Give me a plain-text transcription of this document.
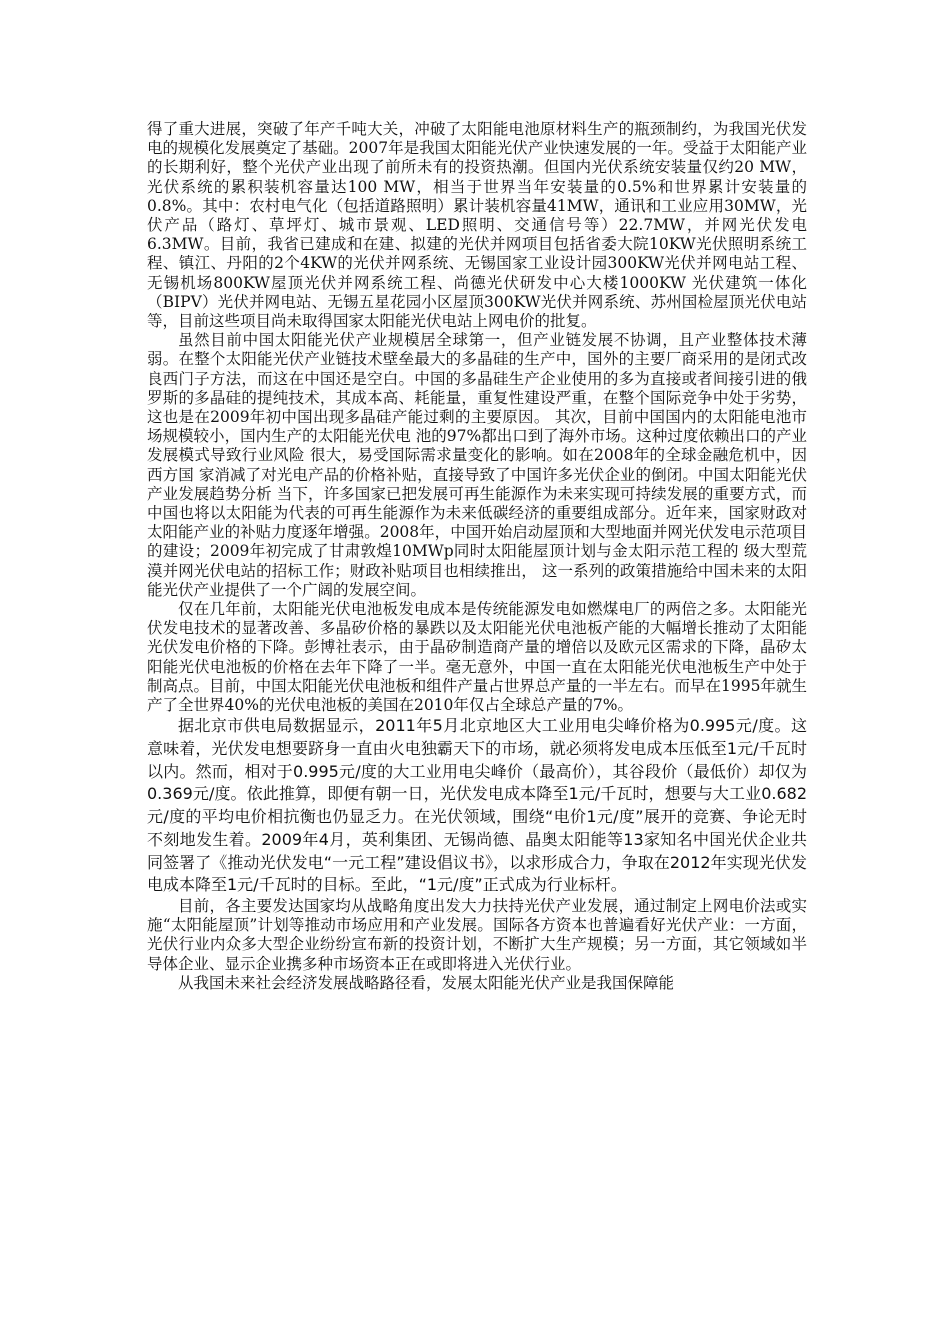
得了重大进展，突破了年产千吨大关，冲破了太阳能电池原材料生产的瓶颈制约，为我国光伏发电的规模化发展奠定了基础。2007年是我国太阳能光伏产业快速发展的一年。受益于太阳能产业的长期利好，整个光伏产业出现了前所未有的投资热潮。但国内光伏系统安装量仅约20 MW，光伏系统的累积装机容量达100 MW，相当于世界当年安装量的0.5%和世界累计安装量的0.8%。其中：农村电气化（包括道路照明）累计装机容量41MW，通讯和工业应用30MW，光伏产品（路灯、草坪灯、城市景观、LED照明、交通信号等）22.7MW，并网光伏发电6.3MW。目前，我省已建成和在建、拟建的光伏并网项目包括省委大院10KW光伏照明系统工程、镇江、丹阳的2个4KW的光伏并网系统、无锡国家工业设计园300KW光伏并网电站工程、无锡机场800KW屋顶光伏并网系统工程、尚德光伏研发中心大楼1000KW 光伏建筑一体化（BIPV）光伏并网电站、无锡五星花园小区屋顶300KW光伏并网系统、苏州国检屋顶光伏电站等，目前这些项目尚未取得国家太阳能光伏电站上网电价的批复。

虽然目前中国太阳能光伏产业规模居全球第一，但产业链发展不协调，且产业整体技术薄弱。在整个太阳能光伏产业链技术壁垒最大的多晶硅的生产中，国外的主要厂商采用的是闭式改良西门子方法，而这在中国还是空白。中国的多晶硅生产企业使用的多为直接或者间接引进的俄罗斯的多晶硅的提纯技术，其成本高、耗能量，重复性建设严重，在整个国际竞争中处于劣势，这也是在2009年初中国出现多晶硅产能过剩的主要原因。 其次，目前中国国内的太阳能电池市场规模较小，国内生产的太阳能光伏电 池的97%都出口到了海外市场。这种过度依赖出口的产业发展模式导致行业风险 很大，易受国际需求量变化的影响。如在2008年的全球金融危机中，因西方国 家消减了对光电产品的价格补贴，直接导致了中国许多光伏企业的倒闭。中国太阳能光伏产业发展趋势分析 当下，许多国家已把发展可再生能源作为未来实现可持续发展的重要方式，而中国也将以太阳能为代表的可再生能源作为未来低碳经济的重要组成部分。近年来，国家财政对太阳能产业的补贴力度逐年增强。2008年，中国开始启动屋顶和大型地面并网光伏发电示范项目的建设；2009年初完成了甘肃敦煌10MWp同时太阳能屋顶计划与金太阳示范工程的 级大型荒漠并网光伏电站的招标工作；财政补贴项目也相续推出， 这一系列的政策措施给中国未来的太阳能光伏产业提供了一个广阔的发展空间。

仅在几年前，太阳能光伏电池板发电成本是传统能源发电如燃煤电厂的两倍之多。太阳能光伏发电技术的显著改善、多晶矽价格的暴跌以及太阳能光伏电池板产能的大幅增长推动了太阳能光伏发电价格的下降。彭博社表示，由于晶矽制造商产量的增倍以及欧元区需求的下降，晶矽太阳能光伏电池板的价格在去年下降了一半。毫无意外，中国一直在太阳能光伏电池板生产中处于制高点。目前，中国太阳能光伏电池板和组件产量占世界总产量的一半左右。而早在1995年就生产了全世界40%的光伏电池板的美国在2010年仅占全球总产量的7%。

据北京市供电局数据显示，2011年5月北京地区大工业用电尖峰价格为0.995元/度。这意味着，光伏发电想要跻身一直由火电独霸天下的市场，就必须将发电成本压低至1元/千瓦时以内。然而，相对于0.995元/度的大工业用电尖峰价（最高价），其谷段价（最低价）却仅为0.369元/度。依此推算，即便有朝一日，光伏发电成本降至1元/千瓦时，想要与大工业0.682元/度的平均电价相抗衡也仍显乏力。在光伏领域，围绕“电价1元/度”展开的竞赛、争论无时不刻地发生着。2009年4月，英利集团、无锡尚德、晶奥太阳能等13家知名中国光伏企业共同签署了《推动光伏发电“一元工程”建设倡议书》，以求形成合力，争取在2012年实现光伏发电成本降至1元/千瓦时的目标。至此，“1元/度”正式成为行业标杆。

目前，各主要发达国家均从战略角度出发大力扶持光伏产业发展，通过制定上网电价法或实施“太阳能屋顶”计划等推动市场应用和产业发展。国际各方资本也普遍看好光伏产业：一方面，光伏行业内众多大型企业纷纷宣布新的投资计划，不断扩大生产规模；另一方面，其它领域如半导体企业、显示企业携多种市场资本正在或即将进入光伏行业。

从我国未来社会经济发展战略路径看，发展太阳能光伏产业是我国保障能
